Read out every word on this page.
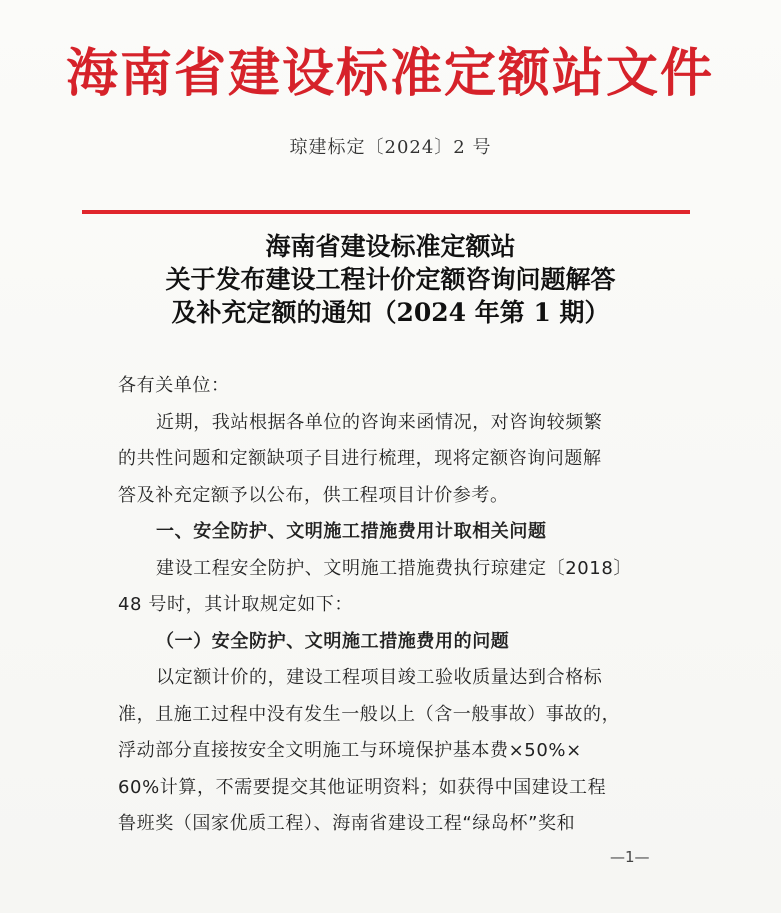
海南省建设标准定额站文件
琼建标定〔2024〕2 号
海南省建设标准定额站
关于发布建设工程计价定额咨询问题解答
及补充定额的通知（2024 年第 1 期）
各有关单位：
近期，我站根据各单位的咨询来函情况，对咨询较频繁
的共性问题和定额缺项子目进行梳理，现将定额咨询问题解
答及补充定额予以公布，供工程项目计价参考。
一、安全防护、文明施工措施费用计取相关问题
建设工程安全防护、文明施工措施费执行琼建定〔2018〕
48 号时，其计取规定如下：
（一）安全防护、文明施工措施费用的问题
以定额计价的，建设工程项目竣工验收质量达到合格标
准，且施工过程中没有发生一般以上（含一般事故）事故的，
浮动部分直接按安全文明施工与环境保护基本费×50%×
60%计算，不需要提交其他证明资料；如获得中国建设工程
鲁班奖（国家优质工程）、海南省建设工程“绿岛杯”奖和
—1—
